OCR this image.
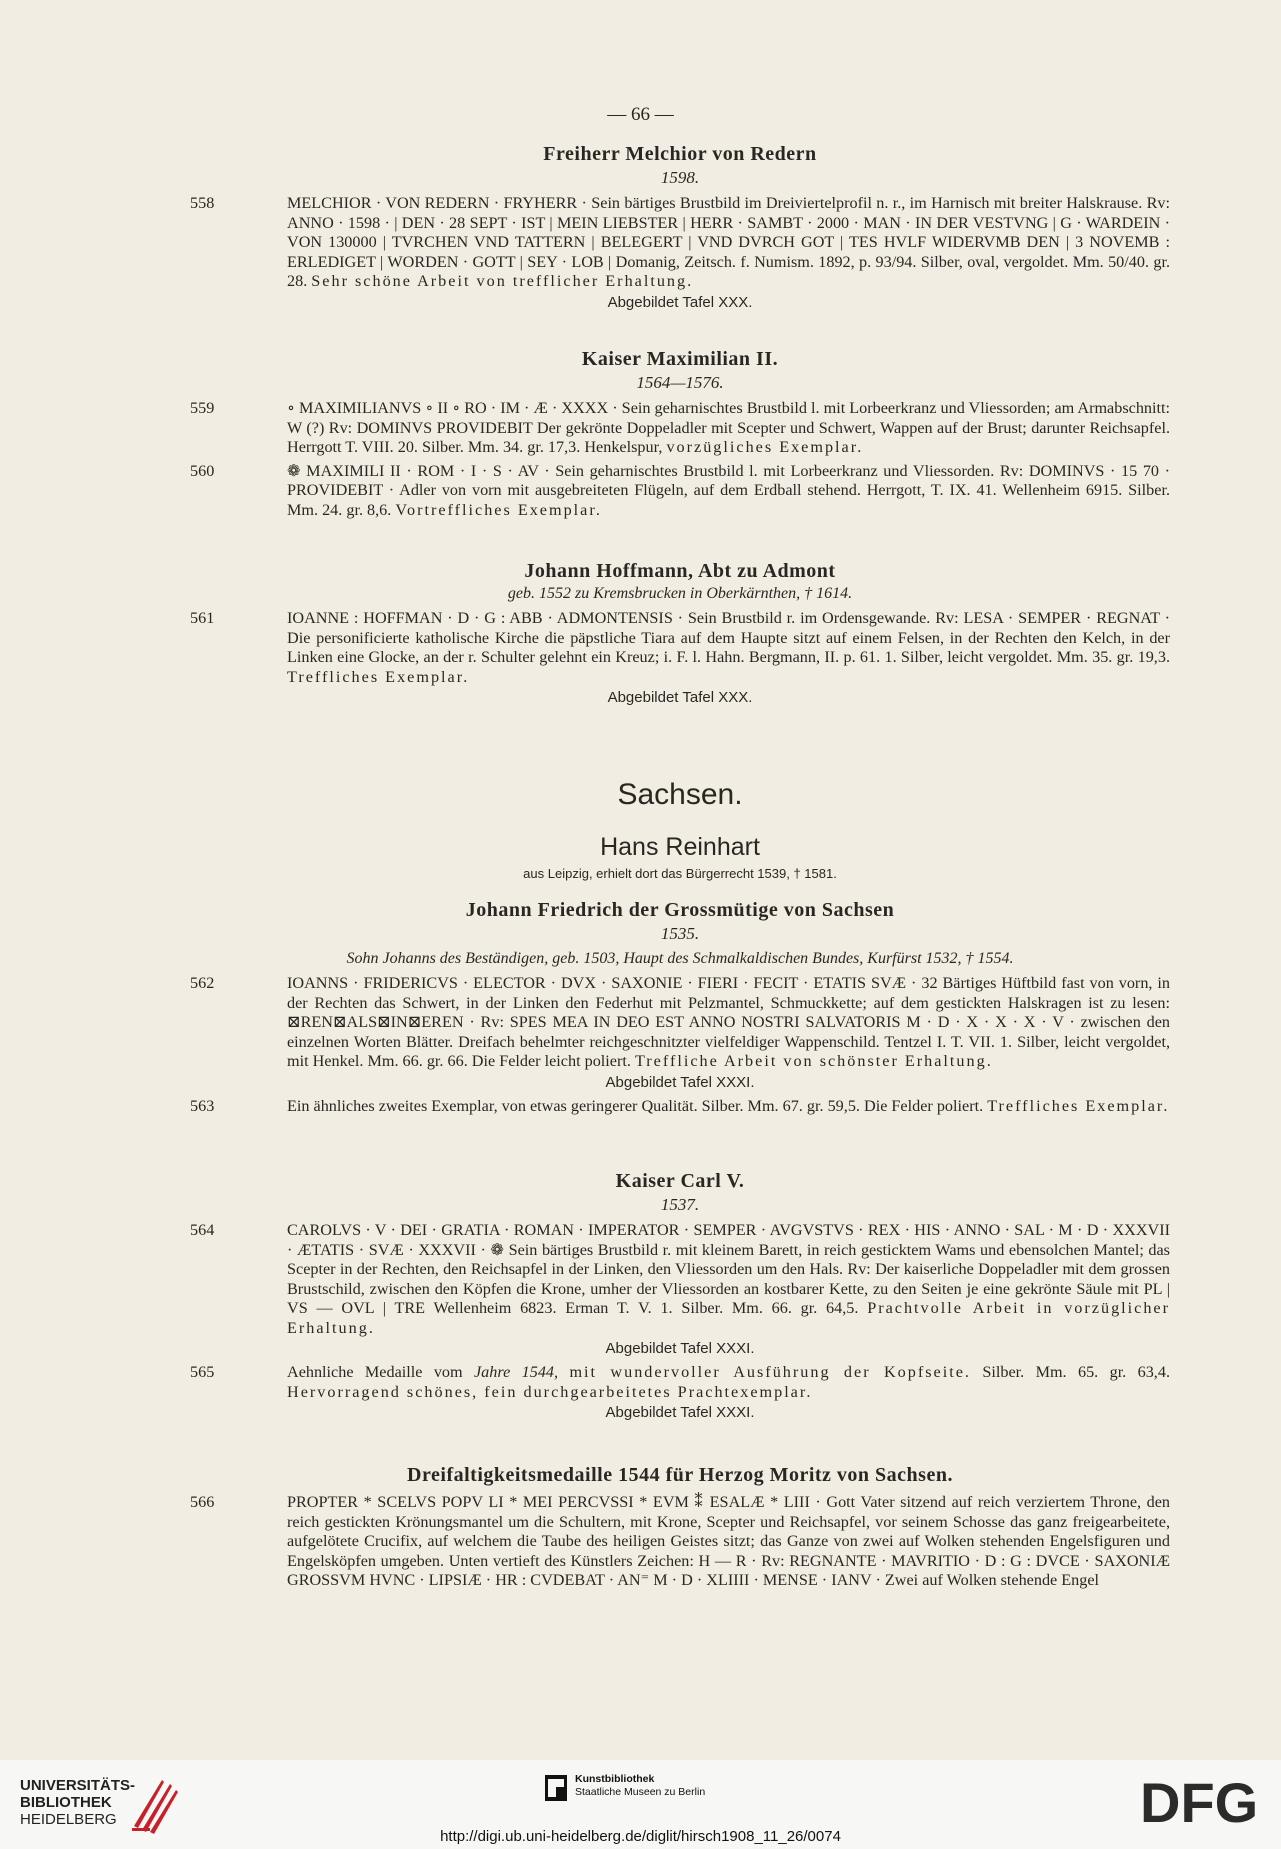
— 66 —

Freiherr Melchior von Redern

1598.

558	MELCHIOR · VON REDERN · FRYHERR · Sein bärtiges Brustbild im Dreiviertelprofil n. r., im Harnisch mit breiter Halskrause. Rv: ANNO · 1598 · | DEN · 28 SEPT · IST | MEIN LIEBSTER | HERR · SAMBT · 2000 · MAN · IN DER VESTVNG | G · WARDEIN · VON 130000 | TVRCHEN VND TATTERN | BELEGERT | VND DVRCH GOT | TES HVLF WIDERVMB DEN | 3 NOVEMB : ERLEDIGET | WORDEN · GOTT | SEY · LOB | Domanig, Zeitsch. f. Numism. 1892, p. 93/94. Silber, oval, vergoldet. Mm. 50/40. gr. 28. Sehr schöne Arbeit von trefflicher Erhaltung.

Abgebildet Tafel XXX.

Kaiser Maximilian II.

1564—1576.

559	∘ MAXIMILIANVS ∘ II ∘ RO · IM · Æ · XXXX · Sein geharnischtes Brustbild l. mit Lorbeerkranz und Vliessorden; am Armabschnitt: W (?) Rv: DOMINVS PROVIDEBIT Der gekrönte Doppeladler mit Scepter und Schwert, Wappen auf der Brust; darunter Reichsapfel. Herrgott T. VIII. 20. Silber. Mm. 34. gr. 17,3. Henkelspur, vorzügliches Exemplar.
560	❁ MAXIMILI II · ROM · I · S · AV · Sein geharnischtes Brustbild l. mit Lorbeerkranz und Vliessorden. Rv: DOMINVS · 15 70 · PROVIDEBIT · Adler von vorn mit ausgebreiteten Flügeln, auf dem Erdball stehend. Herrgott, T. IX. 41. Wellenheim 6915. Silber. Mm. 24. gr. 8,6. Vortreffliches Exemplar.

Johann Hoffmann, Abt zu Admont

geb. 1552 zu Kremsbrucken in Oberkärnthen, † 1614.

561	IOANNE : HOFFMAN · D · G : ABB · ADMONTENSIS · Sein Brustbild r. im Ordensgewande. Rv: LESA · SEMPER · REGNAT · Die personificierte katholische Kirche die päpstliche Tiara auf dem Haupte sitzt auf einem Felsen, in der Rechten den Kelch, in der Linken eine Glocke, an der r. Schulter gelehnt ein Kreuz; i. F. l. Hahn. Bergmann, II. p. 61. 1. Silber, leicht vergoldet. Mm. 35. gr. 19,3. Treffliches Exemplar.

Abgebildet Tafel XXX.

Sachsen.

Hans Reinhart

aus Leipzig, erhielt dort das Bürgerrecht 1539, † 1581.

Johann Friedrich der Grossmütige von Sachsen

1535.

Sohn Johanns des Beständigen, geb. 1503, Haupt des Schmalkaldischen Bundes, Kurfürst 1532, † 1554.

562	IOANNS · FRIDERICVS · ELECTOR · DVX · SAXONIE · FIERI · FECIT · ETATIS SVÆ · 32 Bärtiges Hüftbild fast von vorn, in der Rechten das Schwert, in der Linken den Federhut mit Pelzmantel, Schmuckkette; auf dem gestickten Halskragen ist zu lesen: ⊠REN⊠ALS⊠IN⊠EREN · Rv: SPES MEA IN DEO EST ANNO NOSTRI SALVATORIS M · D · X · X · X · V · zwischen den einzelnen Worten Blätter. Dreifach behelmter reichgeschnitzter vielfeldiger Wappenschild. Tentzel I. T. VII. 1. Silber, leicht vergoldet, mit Henkel. Mm. 66. gr. 66. Die Felder leicht poliert. Treffliche Arbeit von schönster Erhaltung.

Abgebildet Tafel XXXI.

563	Ein ähnliches zweites Exemplar, von etwas geringerer Qualität. Silber. Mm. 67. gr. 59,5. Die Felder poliert. Treffliches Exemplar.

Kaiser Carl V.

1537.

564	CAROLVS · V · DEI · GRATIA · ROMAN · IMPERATOR · SEMPER · AVGVSTVS · REX · HIS · ANNO · SAL · M · D · XXXVII · ÆTATIS · SVÆ · XXXVII · ❁ Sein bärtiges Brustbild r. mit kleinem Barett, in reich gesticktem Wams und ebensolchen Mantel; das Scepter in der Rechten, den Reichsapfel in der Linken, den Vliessorden um den Hals. Rv: Der kaiserliche Doppeladler mit dem grossen Brustschild, zwischen den Köpfen die Krone, umher der Vliessorden an kostbarer Kette, zu den Seiten je eine gekrönte Säule mit PL | VS — OVL | TRE Wellenheim 6823. Erman T. V. 1. Silber. Mm. 66. gr. 64,5. Prachtvolle Arbeit in vorzüglicher Erhaltung.

Abgebildet Tafel XXXI.

565	Aehnliche Medaille vom Jahre 1544, mit wundervoller Ausführung der Kopfseite. Silber. Mm. 65. gr. 63,4. Hervorragend schönes, fein durchgearbeitetes Prachtexemplar.

Abgebildet Tafel XXXI.

Dreifaltigkeitsmedaille 1544 für Herzog Moritz von Sachsen.

566	PROPTER * SCELVS POPV LI * MEI PERCVSSI * EVM ⁑ ESALÆ * LIII · Gott Vater sitzend auf reich verziertem Throne, den reich gestickten Krönungsmantel um die Schultern, mit Krone, Scepter und Reichsapfel, vor seinem Schosse das ganz freigearbeitete, aufgelötete Crucifix, auf welchem die Taube des heiligen Geistes sitzt; das Ganze von zwei auf Wolken stehenden Engelsfiguren und Engelsköpfen umgeben. Unten vertieft des Künstlers Zeichen: H — R · Rv: REGNANTE · MAVRITIO · D : G : DVCE · SAXONIÆ GROSSVM HVNC · LIPSIÆ · HR : CVDEBAT · AN⁼ M · D · XLIIII · MENSE · IANV · Zwei auf Wolken stehende Engel
UNIVERSITÄTS-
BIBLIOTHEK
HEIDELBERG
Kunstbibliothek
Staatliche Museen zu Berlin	DFG
http://digi.ub.uni-heidelberg.de/diglit/hirsch1908_11_26/0074
